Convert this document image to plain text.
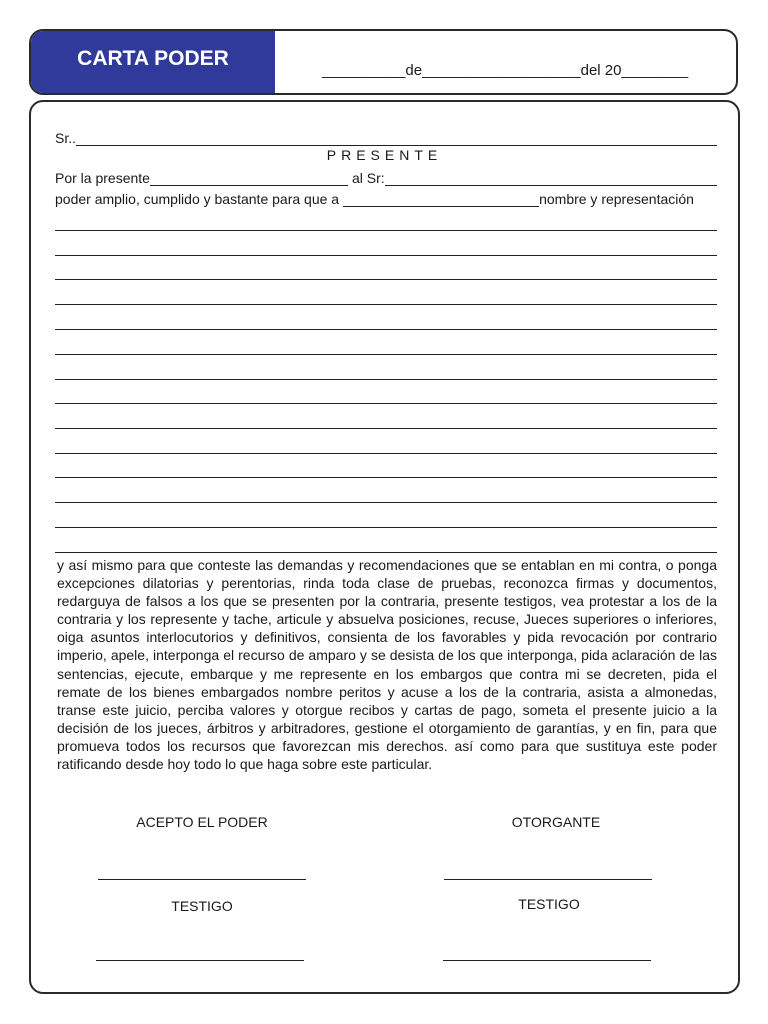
CARTA PODER
__________de___________________del 20________
Sr..
PRESENTE
Por la presente	al Sr:
poder amplio, cumplido y bastante para que a	nombre y representación
y así mismo para que conteste las demandas y recomendaciones que se entablan en mi contra, o ponga excepciones dilatorias y perentorias, rinda toda clase de pruebas, reconozca firmas y documentos, redarguya de falsos a los que se presenten por la contraria, presente testigos, vea protestar a los de la contraria y los represente y tache, articule y absuelva posiciones, recuse, Jueces superiores o inferiores, oiga asuntos interlocutorios y definitivos, consienta de los favorables y pida revocación por contrario imperio, apele, interponga el recurso de amparo y se desista de los que interponga, pida aclaración de las sentencias, ejecute, embarque y me represente en los embargos que contra mi se decreten, pida el remate de los bienes embargados nombre peritos y acuse a los de la contraria, asista a almonedas, transe este juicio, perciba valores y otorgue recibos y cartas de pago, someta el presente juicio a la decisión de los jueces, árbitros y arbitradores, gestione el otorgamiento de garantías, y en fin, para que promueva todos los recursos que favorezcan mis derechos. así como para que sustituya este poder ratificando desde hoy todo lo que haga sobre este particular.
ACEPTO EL PODER	OTORGANTE
TESTIGO	TESTIGO
